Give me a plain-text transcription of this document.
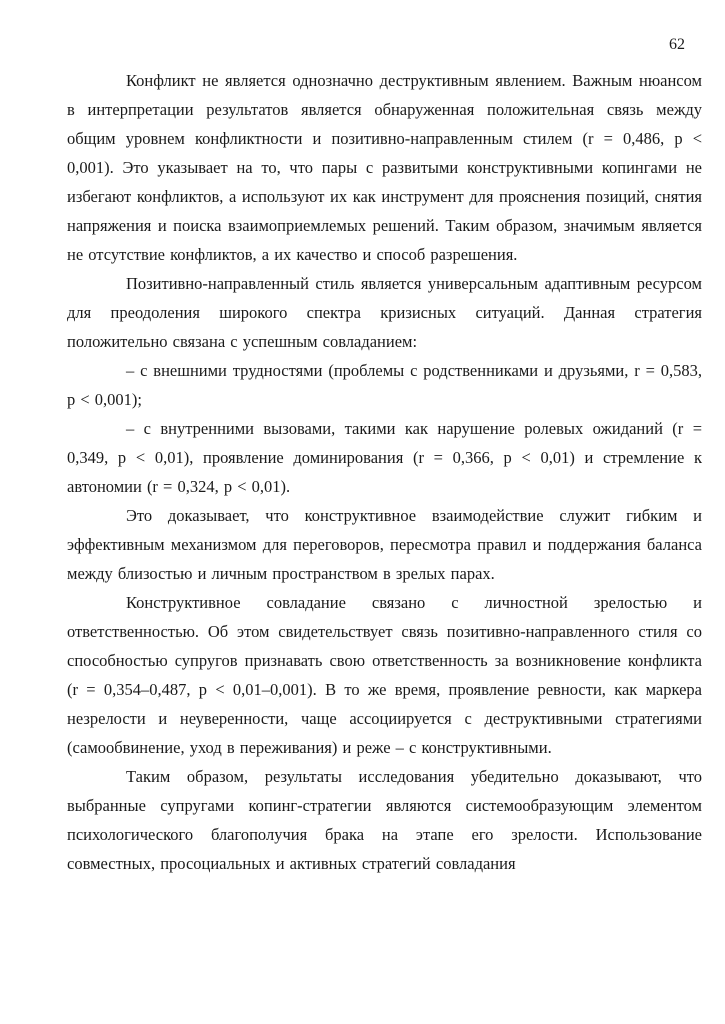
62

Конфликт не является однозначно деструктивным явлением. Важным нюансом в интерпретации результатов является обнаруженная положительная связь между общим уровнем конфликтности и позитивно-направленным стилем (r = 0,486, p < 0,001). Это указывает на то, что пары с развитыми конструктивными копингами не избегают конфликтов, а используют их как инструмент для прояснения позиций, снятия напряжения и поиска взаимоприемлемых решений. Таким образом, значимым является не отсутствие конфликтов, а их качество и способ разрешения.

Позитивно-направленный стиль является универсальным адаптивным ресурсом для преодоления широкого спектра кризисных ситуаций. Данная стратегия положительно связана с успешным совладанием:

– с внешними трудностями (проблемы с родственниками и друзьями, r = 0,583, p < 0,001);

– с внутренними вызовами, такими как нарушение ролевых ожиданий (r = 0,349, p < 0,01), проявление доминирования (r = 0,366, p < 0,01) и стремление к автономии (r = 0,324, p < 0,01).

Это доказывает, что конструктивное взаимодействие служит гибким и эффективным механизмом для переговоров, пересмотра правил и поддержания баланса между близостью и личным пространством в зрелых парах.

Конструктивное совладание связано с личностной зрелостью и ответственностью. Об этом свидетельствует связь позитивно-направленного стиля со способностью супругов признавать свою ответственность за возникновение конфликта (r = 0,354–0,487, p < 0,01–0,001). В то же время, проявление ревности, как маркера незрелости и неуверенности, чаще ассоциируется с деструктивными стратегиями (самообвинение, уход в переживания) и реже – с конструктивными.

Таким образом, результаты исследования убедительно доказывают, что выбранные супругами копинг-стратегии являются системообразующим элементом психологического благополучия брака на этапе его зрелости. Использование совместных, просоциальных и активных стратегий совладания
